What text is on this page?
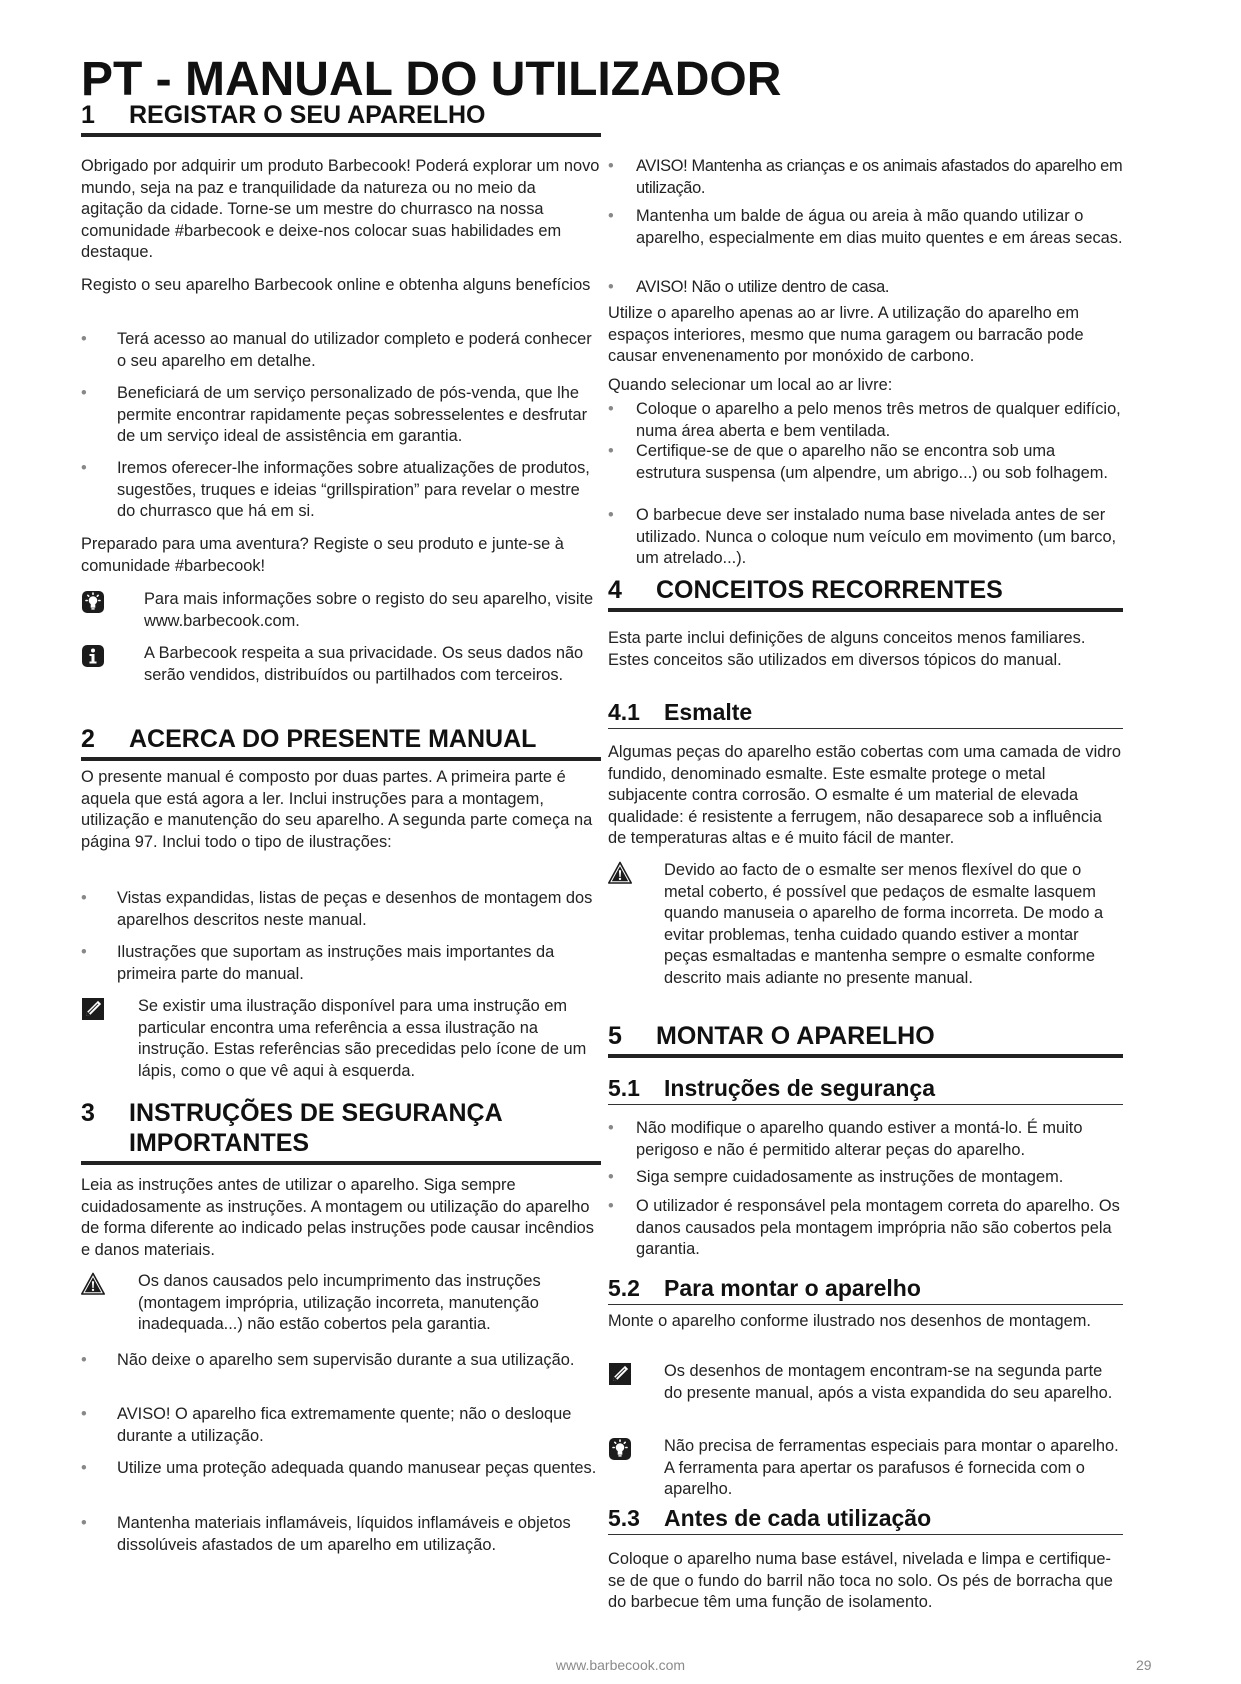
PT - MANUAL DO UTILIZADOR
1 REGISTAR O SEU APARELHO

Obrigado por adquirir um produto Barbecook! Poderá explorar um novo mundo, seja na paz e tranquilidade da natureza ou no meio da agitação da cidade. Torne-se um mestre do churrasco na nossa comunidade #barbecook e deixe-nos colocar suas habilidades em destaque.

Registo o seu aparelho Barbecook online e obtenha alguns benefícios

• Terá acesso ao manual do utilizador completo e poderá conhecer o seu aparelho em detalhe.
• Beneficiará de um serviço personalizado de pós-venda, que lhe permite encontrar rapidamente peças sobresselentes e desfrutar de um serviço ideal de assistência em garantia.
• Iremos oferecer-lhe informações sobre atualizações de produtos, sugestões, truques e ideias “grillspiration” para revelar o mestre do churrasco que há em si.

Preparado para uma aventura? Registe o seu produto e junte-se à comunidade #barbecook!

Para mais informações sobre o registo do seu aparelho, visite www.barbecook.com.
A Barbecook respeita a sua privacidade. Os seus dados não serão vendidos, distribuídos ou partilhados com terceiros.
2 ACERCA DO PRESENTE MANUAL

O presente manual é composto por duas partes. A primeira parte é aquela que está agora a ler. Inclui instruções para a montagem, utilização e manutenção do seu aparelho. A segunda parte começa na página 97. Inclui todo o tipo de ilustrações:

• Vistas expandidas, listas de peças e desenhos de montagem dos aparelhos descritos neste manual.
• Ilustrações que suportam as instruções mais importantes da primeira parte do manual.
Se existir uma ilustração disponível para uma instrução em particular encontra uma referência a essa ilustração na instrução. Estas referências são precedidas pelo ícone de um lápis, como o que vê aqui à esquerda.
3 INSTRUÇÕES DE SEGURANÇA IMPORTANTES

Leia as instruções antes de utilizar o aparelho. Siga sempre cuidadosamente as instruções. A montagem ou utilização do aparelho de forma diferente ao indicado pelas instruções pode causar incêndios e danos materiais.

Os danos causados pelo incumprimento das instruções (montagem imprópria, utilização incorreta, manutenção inadequada...) não estão cobertos pela garantia.
• Não deixe o aparelho sem supervisão durante a sua utilização.
• AVISO! O aparelho fica extremamente quente; não o desloque durante a utilização.
• Utilize uma proteção adequada quando manusear peças quentes.
• Mantenha materiais inflamáveis, líquidos inflamáveis e objetos dissolúveis afastados de um aparelho em utilização.
• AVISO! Mantenha as crianças e os animais afastados do aparelho em utilização.
• Mantenha um balde de água ou areia à mão quando utilizar o aparelho, especialmente em dias muito quentes e em áreas secas.
• AVISO! Não o utilize dentro de casa.

Utilize o aparelho apenas ao ar livre. A utilização do aparelho em espaços interiores, mesmo que numa garagem ou barracão pode causar envenenamento por monóxido de carbono.

Quando selecionar um local ao ar livre:

• Coloque o aparelho a pelo menos três metros de qualquer edifício, numa área aberta e bem ventilada.
• Certifique-se de que o aparelho não se encontra sob uma estrutura suspensa (um alpendre, um abrigo...) ou sob folhagem.
• O barbecue deve ser instalado numa base nivelada antes de ser utilizado. Nunca o coloque num veículo em movimento (um barco, um atrelado...).
4 CONCEITOS RECORRENTES

Esta parte inclui definições de alguns conceitos menos familiares. Estes conceitos são utilizados em diversos tópicos do manual.

4.1 Esmalte

Algumas peças do aparelho estão cobertas com uma camada de vidro fundido, denominado esmalte. Este esmalte protege o metal subjacente contra corrosão. O esmalte é um material de elevada qualidade: é resistente a ferrugem, não desaparece sob a influência de temperaturas altas e é muito fácil de manter.

Devido ao facto de o esmalte ser menos flexível do que o metal coberto, é possível que pedaços de esmalte lasquem quando manuseia o aparelho de forma incorreta. De modo a evitar problemas, tenha cuidado quando estiver a montar peças esmaltadas e mantenha sempre o esmalte conforme descrito mais adiante no presente manual.
5 MONTAR O APARELHO
5.1 Instruções de segurança
• Não modifique o aparelho quando estiver a montá-lo. É muito perigoso e não é permitido alterar peças do aparelho.
• Siga sempre cuidadosamente as instruções de montagem.
• O utilizador é responsável pela montagem correta do aparelho. Os danos causados pela montagem imprópria não são cobertos pela garantia.
5.2 Para montar o aparelho

Monte o aparelho conforme ilustrado nos desenhos de montagem.

Os desenhos de montagem encontram-se na segunda parte do presente manual, após a vista expandida do seu aparelho.
Não precisa de ferramentas especiais para montar o aparelho. A ferramenta para apertar os parafusos é fornecida com o aparelho.
5.3 Antes de cada utilização

Coloque o aparelho numa base estável, nivelada e limpa e certifique-se de que o fundo do barril não toca no solo. Os pés de borracha que do barbecue têm uma função de isolamento.

www.barbecook.com	29
